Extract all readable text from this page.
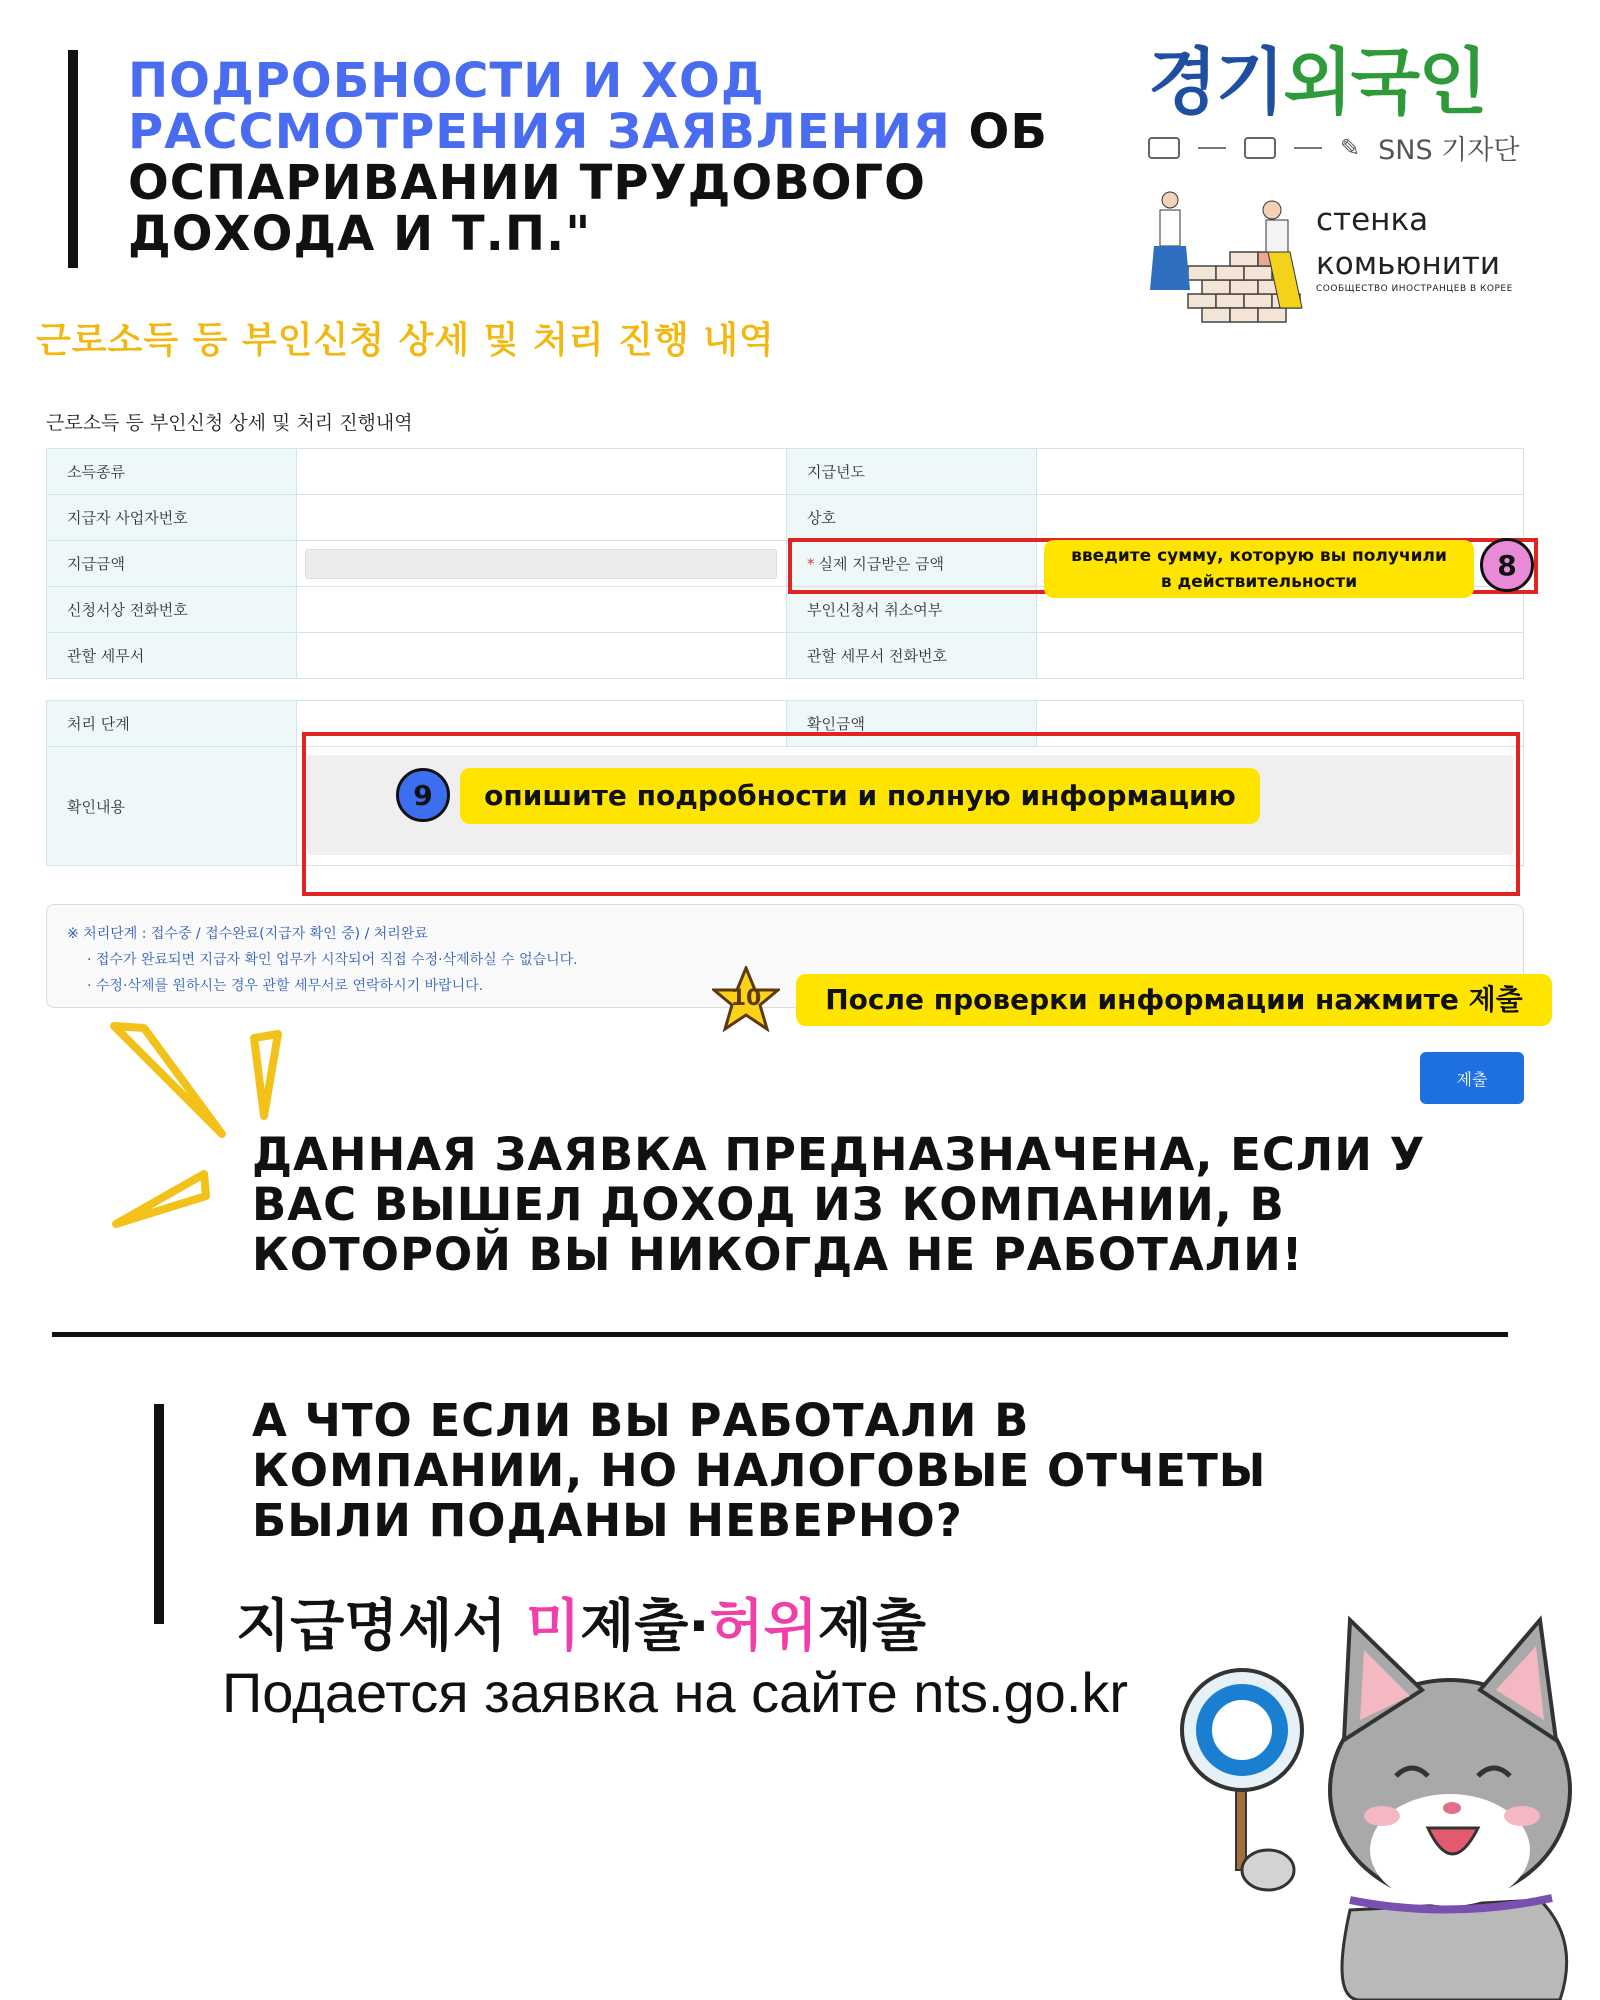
ПОДРОБНОСТИ И ХОД РАССМОТРЕНИЯ ЗАЯВЛЕНИЯ ОБ ОСПАРИВАНИИ ТРУДОВОГО ДОХОДА И Т.П."
경기외국인
✎ SNS 기자단
стенка
комьюнити
СООБЩЕСТВО ИНОСТРАНЦЕВ В КОРЕЕ
근로소득 등 부인신청 상세 및 처리 진행 내역
근로소득 등 부인신청 상세 및 처리 진행내역
소득종류		지급년도	
지급자 사업자번호		상호	
지급금액		* 실제 지급받은 금액	
신청서상 전화번호		부인신청서 취소여부	
관할 세무서		관할 세무서 전화번호	
처리 단계		확인금액	
확인내용			
※ 처리단계 : 접수중 / 접수완료(지급자 확인 중) / 처리완료
· 접수가 완료되면 지급자 확인 업무가 시작되어 직접 수정·삭제하실 수 없습니다.
· 수정·삭제를 원하시는 경우 관할 세무서로 연락하시기 바랍니다.
введите сумму, которую вы получили
в действительности
8
9	опишите подробности и полную информацию
10	После проверки информации нажмите 제출
제출
ДАННАЯ ЗАЯВКА ПРЕДНАЗНАЧЕНА, ЕСЛИ У ВАС ВЫШЕЛ ДОХОД ИЗ КОМПАНИИ, В КОТОРОЙ ВЫ НИКОГДА НЕ РАБОТАЛИ!
А ЧТО ЕСЛИ ВЫ РАБОТАЛИ В КОМПАНИИ, НО НАЛОГОВЫЕ ОТЧЕТЫ БЫЛИ ПОДАНЫ НЕВЕРНО?
지급명세서 미제출·허위제출
Подается заявка на сайте nts.go.kr
